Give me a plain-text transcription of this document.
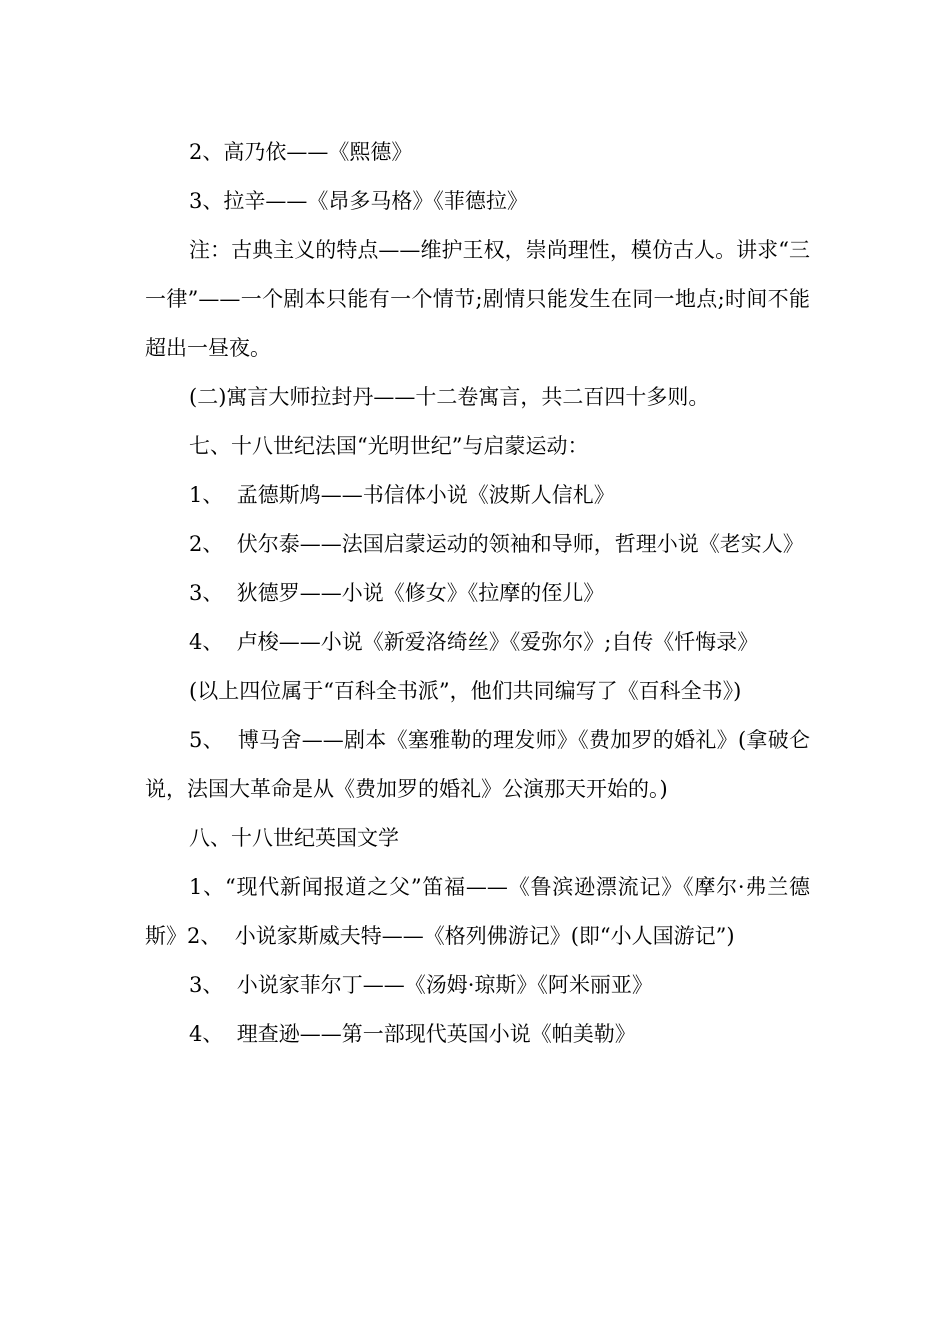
2、高乃依——《熙德》

3、拉辛——《昂多马格》《菲德拉》

注：古典主义的特点——维护王权，崇尚理性，模仿古人。讲求“三一律”——一个剧本只能有一个情节;剧情只能发生在同一地点;时间不能超出一昼夜。

(二)寓言大师拉封丹——十二卷寓言，共二百四十多则。

七、十八世纪法国“光明世纪”与启蒙运动：

1、  孟德斯鸠——书信体小说《波斯人信札》

2、  伏尔泰——法国启蒙运动的领袖和导师，哲理小说《老实人》

3、  狄德罗——小说《修女》《拉摩的侄儿》

4、  卢梭——小说《新爱洛绮丝》《爱弥尔》;自传《忏悔录》

(以上四位属于“百科全书派”，他们共同编写了《百科全书》)

5、  博马舍——剧本《塞雅勒的理发师》《费加罗的婚礼》(拿破仑说，法国大革命是从《费加罗的婚礼》公演那天开始的。)

八、十八世纪英国文学

1、“现代新闻报道之父”笛福——《鲁滨逊漂流记》《摩尔·弗兰德斯》2、  小说家斯威夫特——《格列佛游记》(即“小人国游记”)

3、  小说家菲尔丁——《汤姆·琼斯》《阿米丽亚》

4、  理查逊——第一部现代英国小说《帕美勒》
